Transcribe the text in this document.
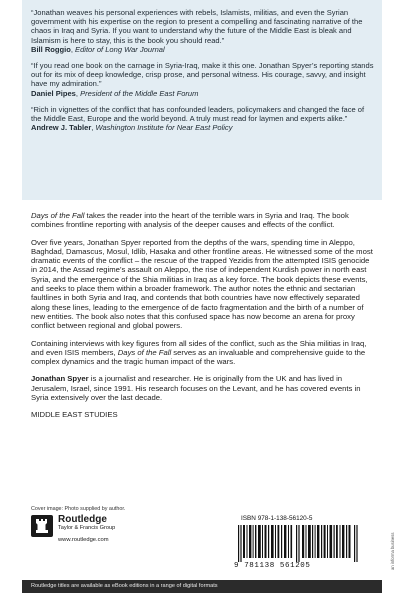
“Jonathan weaves his personal experiences with rebels, Islamists, militias, and even the Syrian government with his expertise on the region to present a compelling and fascinating narrative of the chaos in Iraq and Syria. If you want to understand why the future of the Middle East is bleak and Islamism is here to stay, this is the book you should read.”

Bill Roggio, Editor of Long War Journal

“If you read one book on the carnage in Syria-Iraq, make it this one. Jonathan Spyer’s reporting stands out for its mix of deep knowledge, crisp prose, and personal witness. His courage, savvy, and insight have my admiration.”

Daniel Pipes, President of the Middle East Forum

“Rich in vignettes of the conflict that has confounded leaders, policymakers and changed the face of the Middle East, Europe and the world beyond. A truly must read for laymen and experts alike.”

Andrew J. Tabler, Washington Institute for Near East Policy

Days of the Fall takes the reader into the heart of the terrible wars in Syria and Iraq. The book combines frontline reporting with analysis of the deeper causes and effects of the conflict.

Over five years, Jonathan Spyer reported from the depths of the wars, spending time in Aleppo, Baghdad, Damascus, Mosul, Idlib, Hasaka and other frontline areas. He witnessed some of the most dramatic events of the conflict – the rescue of the trapped Yezidis from the attempted ISIS genocide in 2014, the Assad regime’s assault on Aleppo, the rise of independent Kurdish power in north east Syria, and the emergence of the Shia militias in Iraq as a key force. The book depicts these events, and seeks to place them within a broader framework. The author notes the ethnic and sectarian faultlines in both Syria and Iraq, and contends that both countries have now effectively separated along these lines, leading to the emergence of de facto fragmentation and the birth of a number of new entities. The book also notes that this confused space has now become an arena for proxy conflict between regional and global powers.

Containing interviews with key figures from all sides of the conflict, such as the Shia militias in Iraq, and even ISIS members, Days of the Fall serves as an invaluable and comprehensive guide to the complex dynamics and the tragic human impact of the wars.

Jonathan Spyer is a journalist and researcher. He is originally from the UK and has lived in Jerusalem, Israel, since 1991. His research focuses on the Levant, and he has covered events in Syria extensively over the last decade.

MIDDLE EAST STUDIES

Cover image: Photo supplied by author.
Routledge
Taylor & Francis Group
www.routledge.com
ISBN 978-1-138-56120-5
9 781138 561205	an informa business
Routledge titles are available as eBook editions in a range of digital formats
